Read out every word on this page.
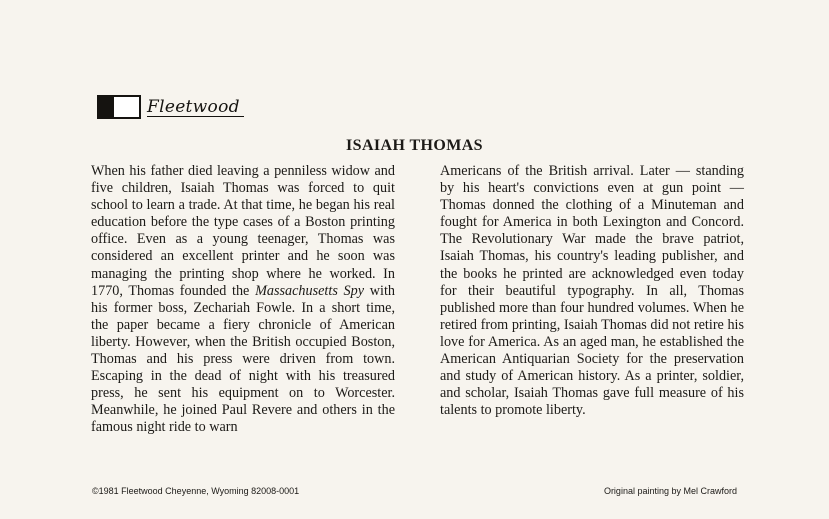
Fleetwood
ISAIAH THOMAS

When his father died leaving a penniless widow and five children, Isaiah Thomas was forced to quit school to learn a trade. At that time, he began his real education before the type cases of a Boston printing office. Even as a young teenager, Thomas was considered an excellent printer and he soon was managing the printing shop where he worked. In 1770, Thomas founded the Massachusetts Spy with his former boss, Zechariah Fowle. In a short time, the paper became a fiery chronicle of American liberty. However, when the British occupied Boston, Thomas and his press were driven from town. Escaping in the dead of night with his treasured press, he sent his equipment on to Worcester. Meanwhile, he joined Paul Revere and others in the famous night ride to warn

Americans of the British arrival. Later — standing by his heart's convictions even at gun point — Thomas donned the clothing of a Minuteman and fought for America in both Lexington and Concord. The Revolutionary War made the brave patriot, Isaiah Thomas, his country's leading publisher, and the books he printed are acknowledged even today for their beautiful typography. In all, Thomas published more than four hundred volumes. When he retired from printing, Isaiah Thomas did not retire his love for America. As an aged man, he established the American Antiquarian Society for the preservation and study of American history. As a printer, soldier, and scholar, Isaiah Thomas gave full measure of his talents to promote liberty.

©1981 Fleetwood Cheyenne, Wyoming 82008-0001	Original painting by Mel Crawford
